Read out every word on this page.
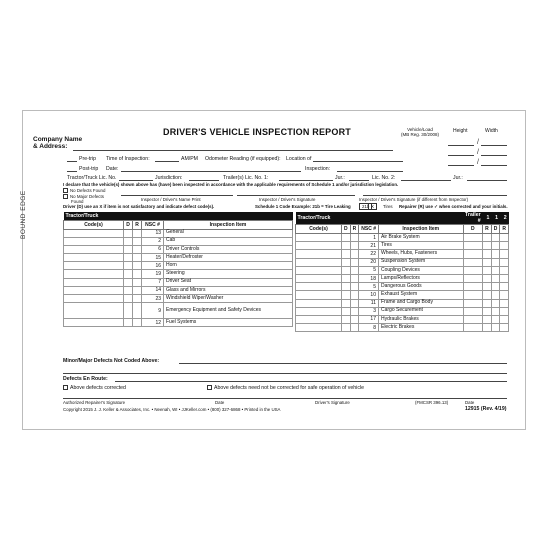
BOUND EDGE
DRIVER'S VEHICLE INSPECTION REPORT	Vehicle/Load
(MB Reg. 30/2008)
Height	Width
/
/
/
Company Name
& Address:
Pre-trip Time of Inspection:	AM/PM Odometer Reading (if equipped): Location of
Post-trip Date:	Inspection:
Tractor/Truck Lic. No.	Jurisdiction:	Trailer(s) Lic. No. 1:	Jur.:	Lic. No. 2:	Jur.:
I declare that the vehicle(s) shown above has (have) been inspected in accordance with the applicable requirements of Schedule 1 and/or jurisdiction legislation.
No Defects Found
No Major Defects
Found	Inspector / Driver's Name Print	Inspector / Driver's Signature	Inspector / Driver's Signature (if different from Inspector)
Driver (D) use an X if item is not satisfactory and indicate defect code(s).	Schedule 1 Code Example: 21b = Tire Leaking	21b X	Tires Repairer (R) use ✓ when corrected and your initials.
Tractor/Truck				
Code(s)	D	R	NSC #	Inspection Item
			13	General
			2	Cab
			6	Driver Controls
			15	Heater/Defroster
			16	Horn
			19	Steering
			7	Driver Seat
			14	Glass and Mirrors
			23	Windshield Wiper/Washer
			9	Emergency Equipment and Safety Devices
			12	Fuel Systems
Tractor/Truck					Trailer #	1	1	2
Code(s)	D	R	NSC #	Inspection Item	D	R	D	R
			1	Air Brake System				
			21	Tires				
			22	Wheels, Hubs, Fasteners				
			20	Suspension System				
			5	Coupling Devices				
			18	Lamps/Reflectors				
			5	Dangerous Goods				
			10	Exhaust System				
			11	Frame and Cargo Body				
			3	Cargo Securement				
			17	Hydraulic Brakes				
			8	Electric Brakes				
Minor/Major Defects Not Coded Above:
Defects En Route:
Above defects corrected	Above defects need not be corrected for safe operation of vehicle
Authorized Repairer's Signature	Date	Driver's Signature	(FMCSR 396.13)	Date
Copyright 2015 J. J. Keller & Associates, Inc. • Neenah, WI • JJKeller.com • (800) 327-6868 • Printed in the USA	12915 (Rev. 4/19)
